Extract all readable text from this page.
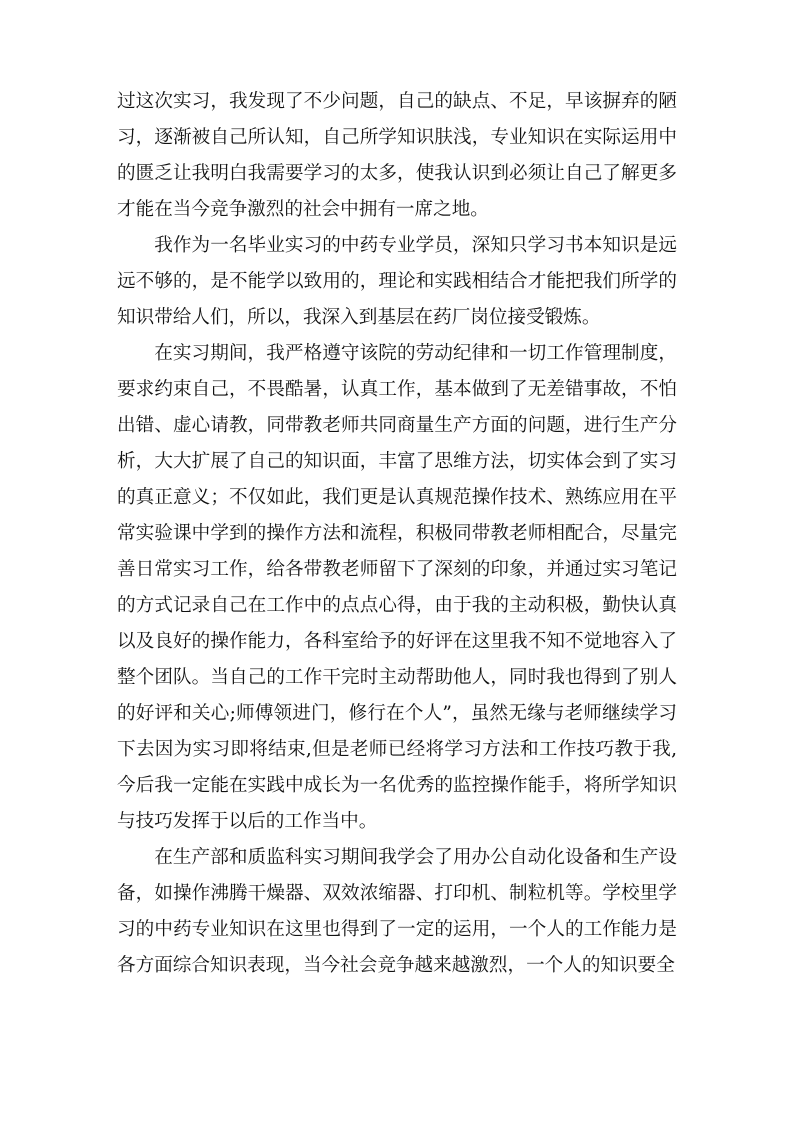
过这次实习，我发现了不少问题，自己的缺点、不足，早该摒弃的陋习，逐渐被自己所认知，自己所学知识肤浅，专业知识在实际运用中的匮乏让我明白我需要学习的太多，使我认识到必须让自己了解更多才能在当今竞争激烈的社会中拥有一席之地。

我作为一名毕业实习的中药专业学员，深知只学习书本知识是远远不够的，是不能学以致用的，理论和实践相结合才能把我们所学的知识带给人们，所以，我深入到基层在药厂岗位接受锻炼。

在实习期间，我严格遵守该院的劳动纪律和一切工作管理制度，要求约束自己，不畏酷暑，认真工作，基本做到了无差错事故，不怕出错、虚心请教，同带教老师共同商量生产方面的问题，进行生产分析，大大扩展了自己的知识面，丰富了思维方法，切实体会到了实习的真正意义；不仅如此，我们更是认真规范操作技术、熟练应用在平常实验课中学到的操作方法和流程，积极同带教老师相配合，尽量完善日常实习工作，给各带教老师留下了深刻的印象，并通过实习笔记的方式记录自己在工作中的点点心得，由于我的主动积极，勤快认真以及良好的操作能力，各科室给予的好评在这里我不知不觉地容入了整个团队。当自己的工作干完时主动帮助他人，同时我也得到了别人的好评和关心;师傅领进门，修行在个人”，虽然无缘与老师继续学习下去因为实习即将结束,但是老师已经将学习方法和工作技巧教于我,今后我一定能在实践中成长为一名优秀的监控操作能手，将所学知识与技巧发挥于以后的工作当中。

在生产部和质监科实习期间我学会了用办公自动化设备和生产设备，如操作沸腾干燥器、双效浓缩器、打印机、制粒机等。学校里学习的中药专业知识在这里也得到了一定的运用，一个人的工作能力是各方面综合知识表现，当今社会竞争越来越激烈，一个人的知识要全
